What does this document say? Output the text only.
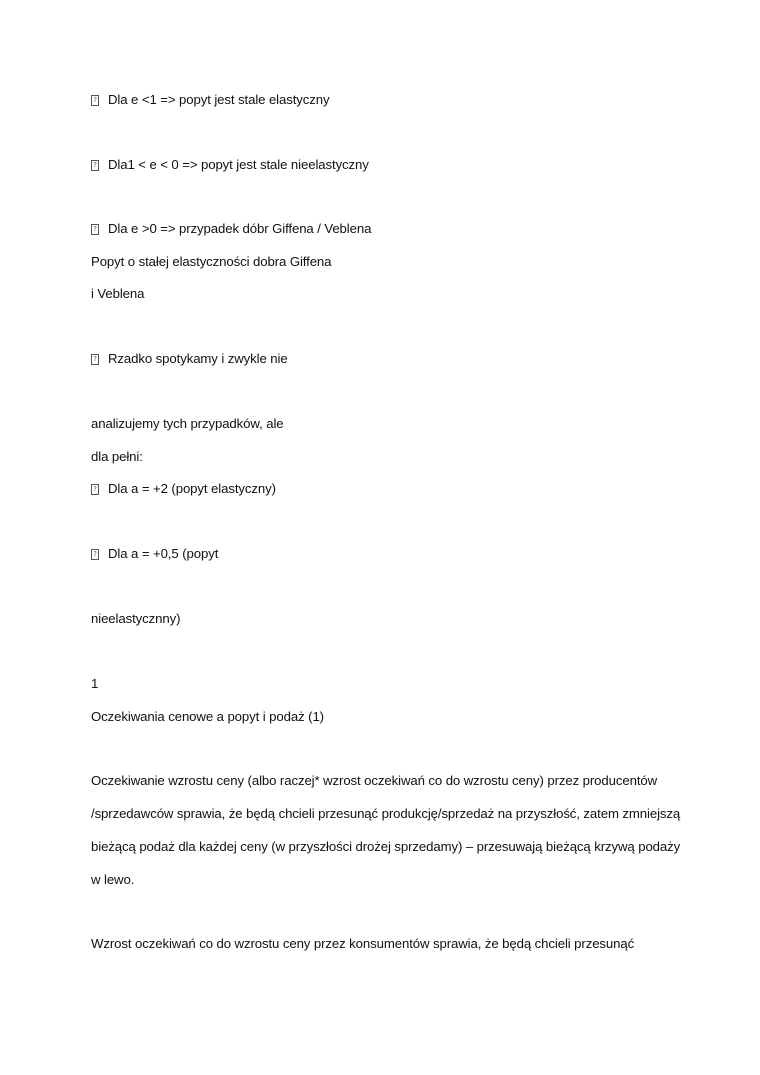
? Dla e <1 => popyt jest stale elastyczny
? Dla1 < e < 0 => popyt jest stale nieelastyczny
? Dla e >0 => przypadek dóbr Giffena / Veblena
Popyt o stałej elastyczności dobra Giffena
i Veblena
? Rzadko spotykamy i zwykle nie
analizujemy tych przypadków, ale
dla pełni:
? Dla a = +2 (popyt elastyczny)
? Dla a = +0,5 (popyt
nieelastycznny)
1
Oczekiwania cenowe a popyt i podaż (1)
Oczekiwanie wzrostu ceny (albo raczej* wzrost oczekiwań co do wzrostu ceny) przez producentów
/sprzedawców sprawia, że będą chcieli przesunąć produkcję/sprzedaż na przyszłość, zatem zmniejszą
bieżącą podaż dla każdej ceny (w przyszłości drożej sprzedamy) – przesuwają bieżącą krzywą podaży
w lewo.
Wzrost oczekiwań co do wzrostu ceny przez konsumentów sprawia, że będą chcieli przesunąć
